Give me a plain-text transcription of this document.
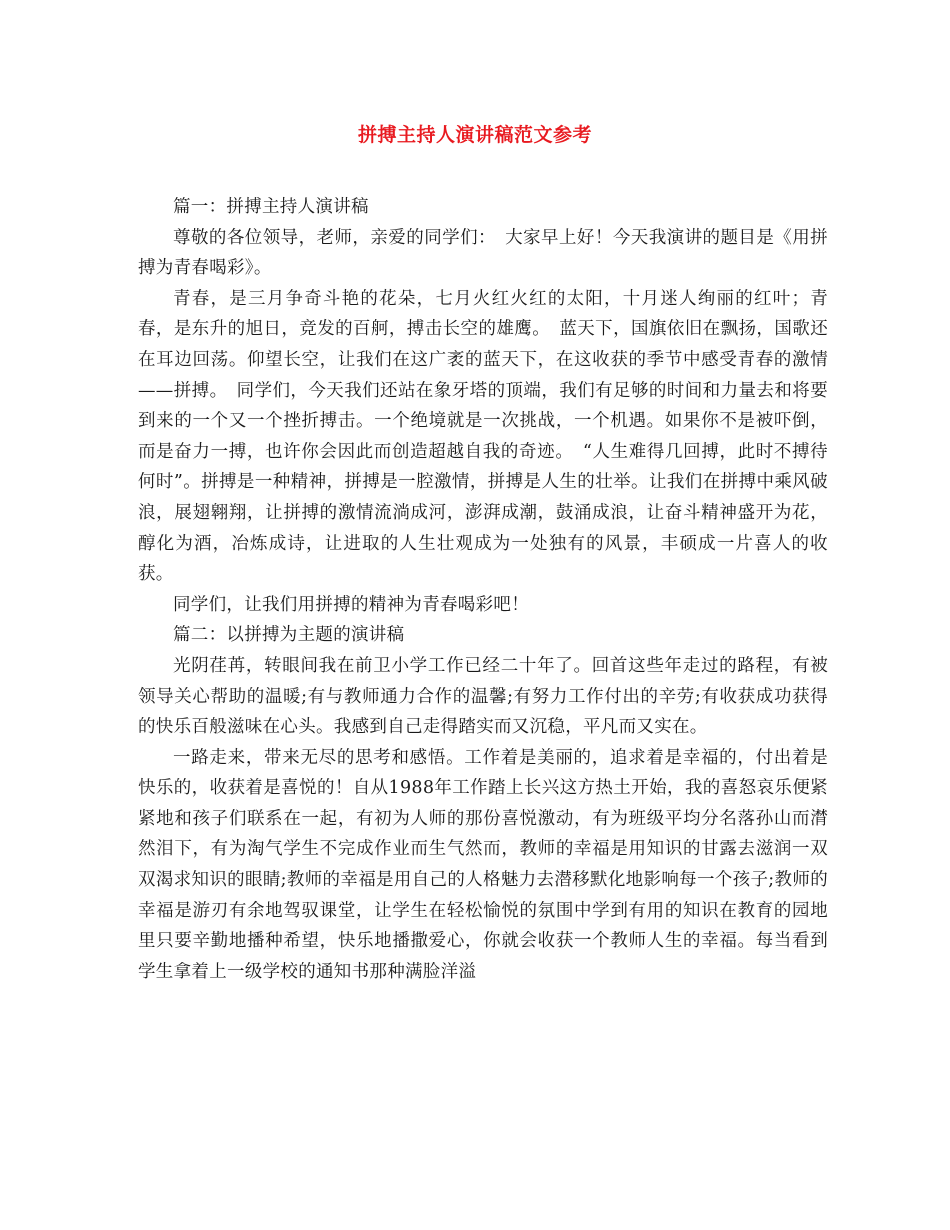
拼搏主持人演讲稿范文参考

篇一：拼搏主持人演讲稿

尊敬的各位领导，老师，亲爱的同学们：　大家早上好！今天我演讲的题目是《用拼搏为青春喝彩》。

青春，是三月争奇斗艳的花朵，七月火红火红的太阳，十月迷人绚丽的红叶；青春，是东升的旭日，竞发的百舸，搏击长空的雄鹰。　蓝天下，国旗依旧在飘扬，国歌还在耳边回荡。仰望长空，让我们在这广袤的蓝天下，在这收获的季节中感受青春的激情——拼搏。　同学们，今天我们还站在象牙塔的顶端，我们有足够的时间和力量去和将要到来的一个又一个挫折搏击。一个绝境就是一次挑战，一个机遇。如果你不是被吓倒，而是奋力一搏，也许你会因此而创造超越自我的奇迹。　“人生难得几回搏，此时不搏待何时”。拼搏是一种精神，拼搏是一腔激情，拼搏是人生的壮举。让我们在拼搏中乘风破浪，展翅翱翔，让拼搏的激情流淌成河，澎湃成潮，鼓涌成浪，让奋斗精神盛开为花，醇化为酒，冶炼成诗，让进取的人生壮观成为一处独有的风景，丰硕成一片喜人的收获。

同学们，让我们用拼搏的精神为青春喝彩吧！

篇二：以拼搏为主题的演讲稿

光阴荏苒，转眼间我在前卫小学工作已经二十年了。回首这些年走过的路程，有被领导关心帮助的温暖;有与教师通力合作的温馨;有努力工作付出的辛劳;有收获成功获得的快乐百般滋味在心头。我感到自己走得踏实而又沉稳，平凡而又实在。

一路走来，带来无尽的思考和感悟。工作着是美丽的，追求着是幸福的，付出着是快乐的，收获着是喜悦的！自从1988年工作踏上长兴这方热土开始，我的喜怒哀乐便紧紧地和孩子们联系在一起，有初为人师的那份喜悦激动，有为班级平均分名落孙山而潸然泪下，有为淘气学生不完成作业而生气然而，教师的幸福是用知识的甘露去滋润一双双渴求知识的眼睛;教师的幸福是用自己的人格魅力去潜移默化地影响每一个孩子;教师的幸福是游刃有余地驾驭课堂，让学生在轻松愉悦的氛围中学到有用的知识在教育的园地里只要辛勤地播种希望，快乐地播撒爱心，你就会收获一个教师人生的幸福。每当看到学生拿着上一级学校的通知书那种满脸洋溢
